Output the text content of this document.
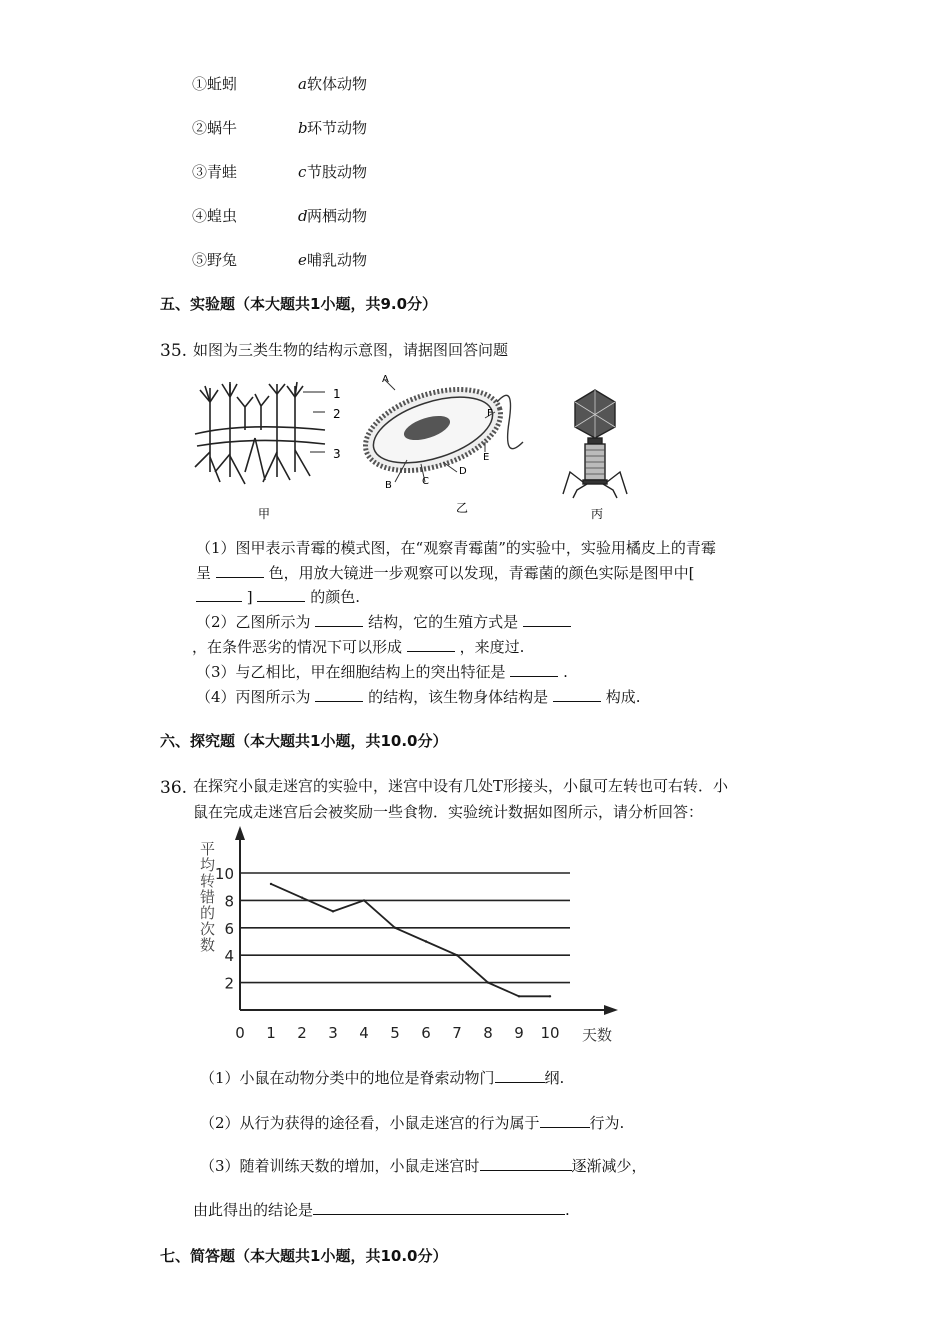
①蚯蚓	a 软体动物
②蜗牛	b 环节动物
③青蛙	c 节肢动物
④蝗虫	d 两栖动物
⑤野兔	e 哺乳动物
五、实验题（本大题共1小题，共9.0分）
35. 如图为三类生物的结构示意图，请据图回答问题
1
2
3
甲
A
B	C
D
E
F
乙	丙
（1）图甲表示青霉的模式图，在“观察青霉菌”的实验中，实验用橘皮上的青霉
呈	色，用放大镜进一步观察可以发现，青霉菌的颜色实际是图甲中[
]	的颜色.
（2）乙图所示为	结构，它的生殖方式是
，在条件恶劣的情况下可以形成	，来度过.
（3）与乙相比，甲在细胞结构上的突出特征是	.
（4）丙图所示为	的结构，该生物身体结构是	构成.
六、探究题（本大题共1小题，共10.0分）
36. 在探究小鼠走迷宫的实验中，迷宫中设有几处T形接头，小鼠可左转也可右转．小
鼠在完成走迷宫后会被奖励一些食物．实验统计数据如图所示，请分析回答：
平
均
转
错
的
次
数
2
4
6
8
10
0 1 2 3 4 5 6 7 8 9 10 天数
（1）小鼠在动物分类中的地位是脊索动物门	纲.
（2）从行为获得的途径看，小鼠走迷宫的行为属于	行为.
（3）随着训练天数的增加，小鼠走迷宫时	逐渐减少，
由此得出的结论是	.
七、简答题（本大题共1小题，共10.0分）
